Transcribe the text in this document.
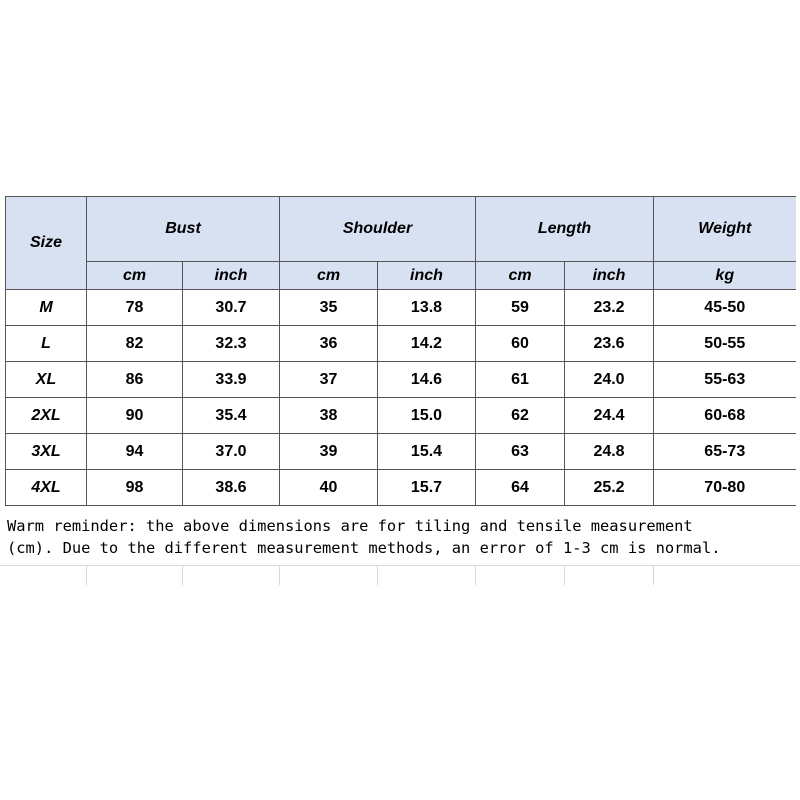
Size	Bust		Shoulder		Length		Weight
	cm	inch	cm	inch	cm	inch	kg
M	78	30.7	35	13.8	59	23.2	45-50
L	82	32.3	36	14.2	60	23.6	50-55
XL	86	33.9	37	14.6	61	24.0	55-63
2XL	90	35.4	38	15.0	62	24.4	60-68
3XL	94	37.0	39	15.4	63	24.8	65-73
4XL	98	38.6	40	15.7	64	25.2	70-80
Warm reminder: the above dimensions are for tiling and tensile measurement
(cm). Due to the different measurement methods, an error of 1-3 cm is normal.
